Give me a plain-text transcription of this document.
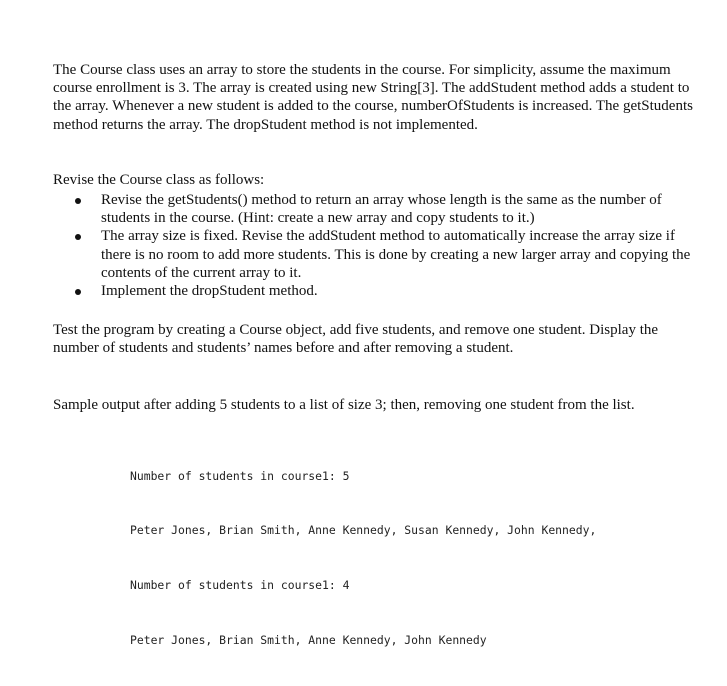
The Course class uses an array to store the students in the course. For simplicity, assume the maximum course enrollment is 3. The array is created using new String[3]. The addStudent method adds a student to the array. Whenever a new student is added to the course, numberOfStudents is increased. The getStudents method returns the array. The dropStudent method is not implemented.

Revise the Course class as follows:

Revise the getStudents() method to return an array whose length is the same as the number of students in the course. (Hint: create a new array and copy students to it.)
The array size is fixed. Revise the addStudent method to automatically increase the array size if there is no room to add more students. This is done by creating a new larger array and copying the contents of the current array to it.
Implement the dropStudent method.

Test the program by creating a Course object, add five students, and remove one student. Display the number of students and students’ names before and after removing a student.

Sample output after adding 5 students to a list of size 3; then, removing one student from the list.

Number of students in course1: 5

Peter Jones, Brian Smith, Anne Kennedy, Susan Kennedy, John Kennedy,

Number of students in course1: 4

Peter Jones, Brian Smith, Anne Kennedy, John Kennedy
